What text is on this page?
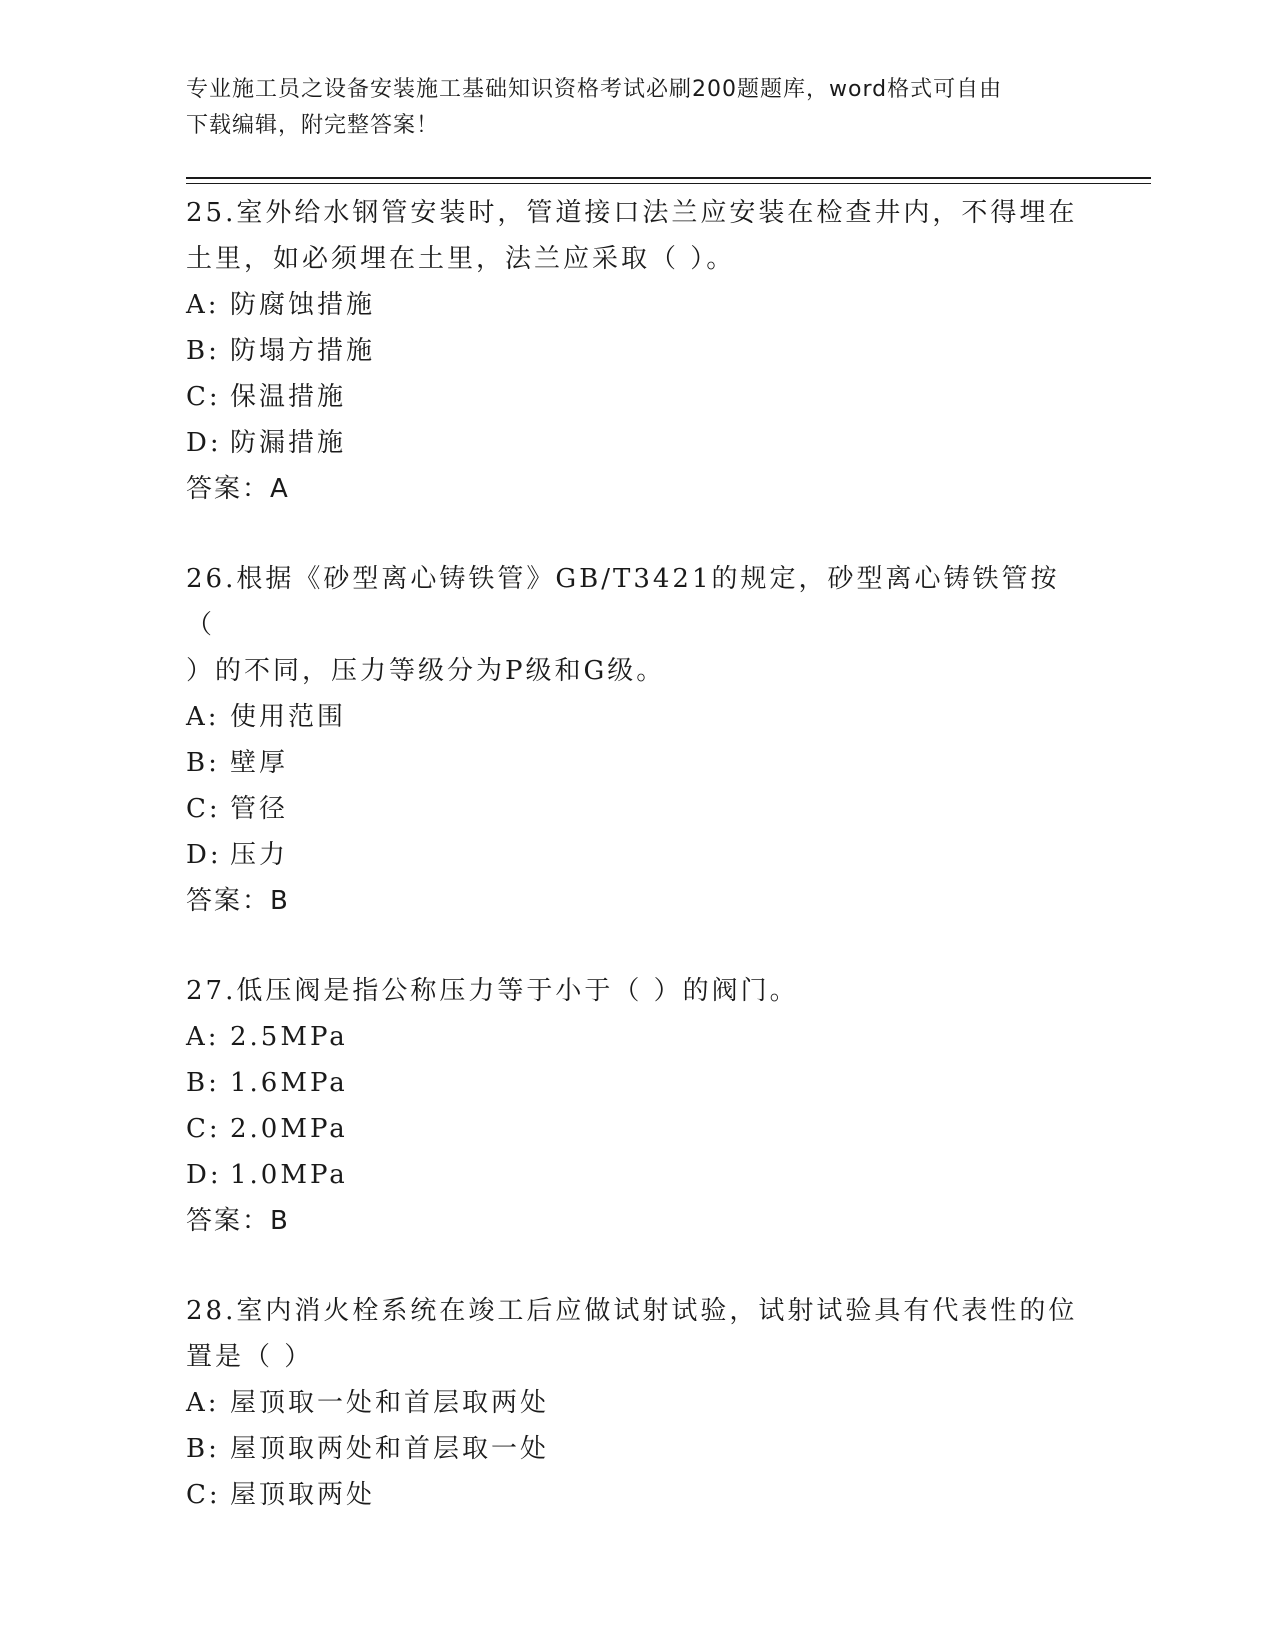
专业施工员之设备安装施工基础知识资格考试必刷200题题库，word格式可自由
下载编辑，附完整答案！

25.室外给水钢管安装时，管道接口法兰应安装在检查井内，不得埋在
土里，如必须埋在土里，法兰应采取（ ）。

A: 防腐蚀措施

B: 防塌方措施

C: 保温措施

D: 防漏措施

答案：A

26.根据《砂型离心铸铁管》GB/T3421的规定，砂型离心铸铁管按（
）的不同，压力等级分为P级和G级。

A: 使用范围

B: 壁厚

C: 管径

D: 压力

答案：B

27.低压阀是指公称压力等于小于（ ）的阀门。

A: 2.5MPa

B: 1.6MPa

C: 2.0MPa

D: 1.0MPa

答案：B

28.室内消火栓系统在竣工后应做试射试验，试射试验具有代表性的位
置是（ ）

A: 屋顶取一处和首层取两处

B: 屋顶取两处和首层取一处

C: 屋顶取两处
